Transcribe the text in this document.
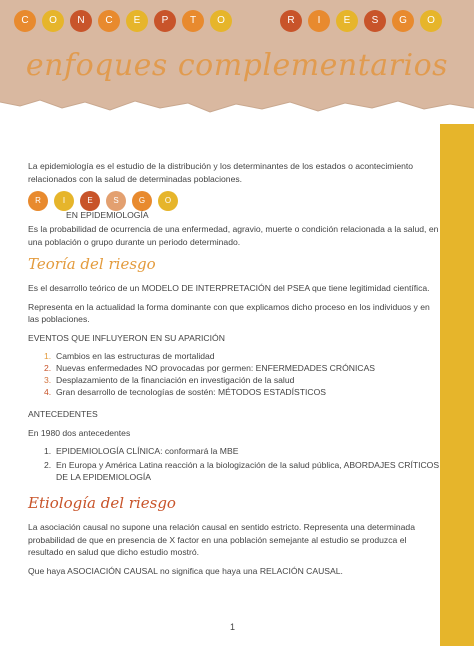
C	O	N	C	E	P	T	O	R	I	E	S	G	O
enfoques complementarios

La epidemiología es el estudio de la distribución y los determinantes de los estados o acontecimiento relacionados con la salud de determinadas poblaciones.

R	I	E	S	G	O
EN EPIDEMIOLOGÍA

Es la probabilidad de ocurrencia de una enfermedad, agravio, muerte o condición relacionada a la salud, en una población o grupo durante un periodo determinado.

Teoría del riesgo

Es el desarrollo teórico de un MODELO DE INTERPRETACIÓN del PSEA que tiene legitimidad científica.

Representa en la actualidad la forma dominante con que explicamos dicho proceso en los individuos y en las poblaciones.

EVENTOS QUE INFLUYERON EN SU APARICIÓN

1. Cambios en las estructuras de mortalidad
2. Nuevas enfermedades NO provocadas por germen: ENFERMEDADES CRÓNICAS
3. Desplazamiento de la financiación en investigación de la salud
4. Gran desarrollo de tecnologías de sostén: MÉTODOS ESTADÍSTICOS

ANTECEDENTES

En 1980 dos antecedentes

1. EPIDEMIOLOGÍA CLÍNICA: conformará la MBE
2. En Europa y América Latina reacción a la biologización de la salud pública, ABORDAJES CRÍTICOS DE LA EPIDEMIOLOGÍA
Etiología del riesgo

La asociación causal no supone una relación causal en sentido estricto. Representa una determinada probabilidad de que en presencia de X factor en una población semejante al estudio se produzca el resultado en salud que dicho estudio mostró.

Que haya ASOCIACIÓN CAUSAL no significa que haya una RELACIÓN CAUSAL.

1
